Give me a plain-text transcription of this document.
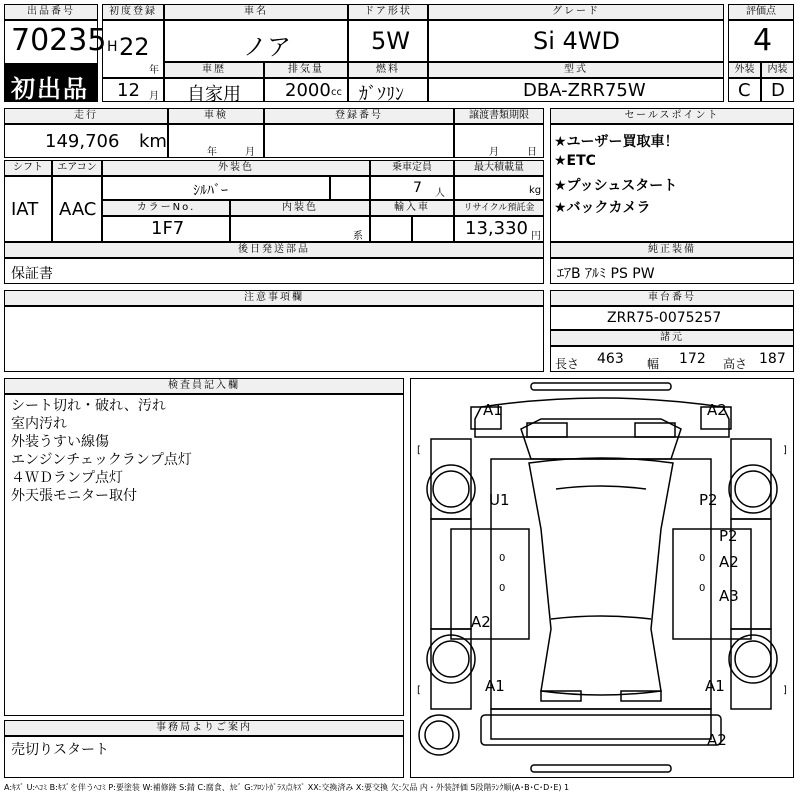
出品番号
70235
初出品
初度登録
H 22
年
12 月
車名
ノア
車歴
自家用
排気量
2000 cc
ドア形状
5W
燃料
ｶﾞｿﾘﾝ
グレード
Si 4WD
型式
DBA-ZRR75W
評価点
4
外装	内装
C D
走行
149,706 km
車検
年	月
登録番号	譲渡書類期限
月	日
シフト
IAT
エアコン
AAC
外装色
ｼﾙﾊﾞｰ
乗車定員
7 人
最大積載量
kg
カラーNo.
1F7
内装色
系
輸入車	リサイクル預託金
13,330 円
後日発送部品
保証書
セールスポイント
★ユーザー買取車！
★ETC
★プッシュスタート
★バックカメラ
純正装備
ｴｱB ｱﾙﾐ PS PW
注意事項欄	車台番号
ZRR75-0075257
諸元
長さ 463 幅 172 高さ 187
検査員記入欄
シート切れ・破れ、汚れ
室内汚れ
外装うすい線傷
エンジンチェックランプ点灯
４ＷＤランプ点灯
外天張モニター取付
事務局よりご案内
売切りスタート
[	]
[	]
0
0
0
0
A1	A2
U1	P2
P2
A2
A3
A2
A1	A1
A2
A:ｷｽﾞ U:ﾍｺﾐ B:ｷｽﾞを伴うﾍｺﾐ P:要塗装 W:補修跡 S:錆 C:腐食、ｶﾋﾞ G:ﾌﾛﾝﾄｶﾞﾗｽ点ｷｽﾞ XX:交換済み X:要交換 欠:欠品 内・外装評価 5段階ﾗﾝｸ順(A･B･C･D･E) 1
